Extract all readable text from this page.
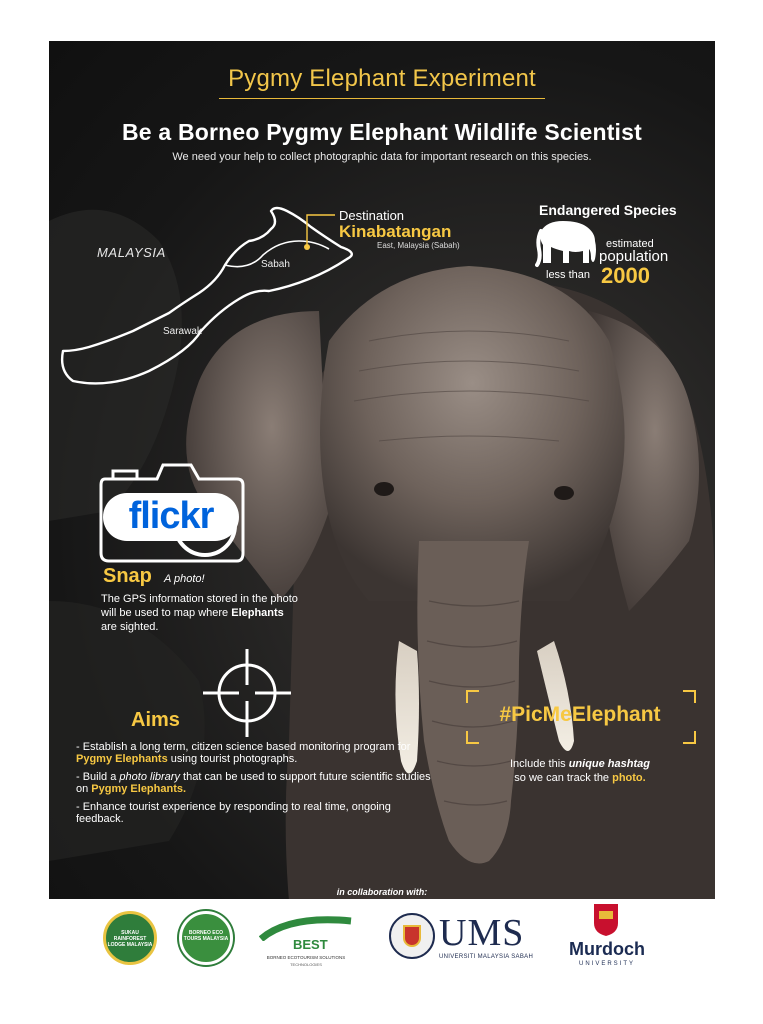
Pygmy Elephant Experiment
Be a Borneo Pygmy Elephant Wildlife Scientist
We need your help to collect photographic data for important research on this species.
MALAYSIA
Sabah
Sarawak
Destination
Kinabatangan
East, Malaysia (Sabah)
Endangered Species
estimated
population
less than 2000
flickr
Snap A photo!
The GPS information stored in the photo will be used to map where Elephants are sighted.
Aims
- Establish a long term, citizen science based monitoring program for Pygmy Elephants using tourist photographs.
- Build a photo library that can be used to support future scientific studies on Pygmy Elephants.
- Enhance tourist experience by responding to real time, ongoing feedback.
#PicMeElephant
Include this unique hashtag
so we can track the photo.
in collaboration with:
SUKAU RAINFOREST LODGE MALAYSIA
BORNEO ECO TOURS MALAYSIA	BEST
BORNEO ECOTOURISM SOLUTIONS
TECHNOLOGIES
UMS
UNIVERSITI MALAYSIA SABAH Murdoch
UNIVERSITY
